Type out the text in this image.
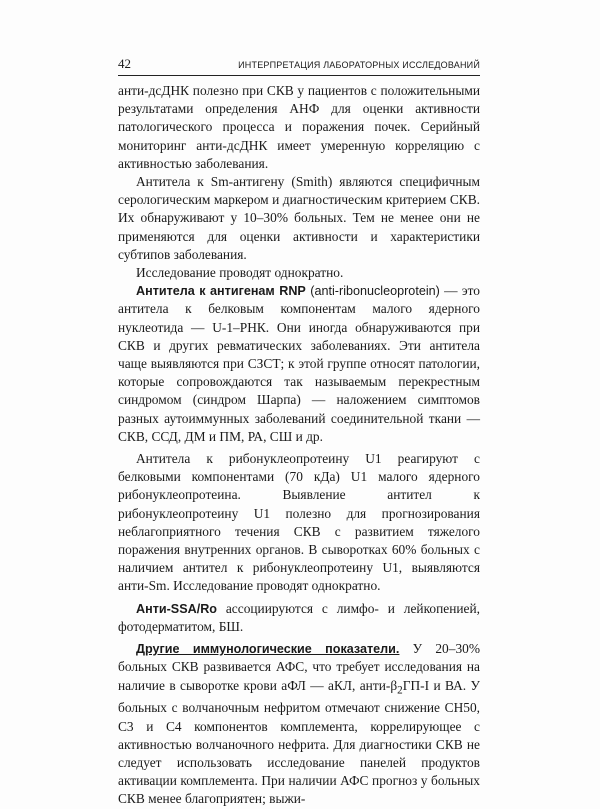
42	ИНТЕРПРЕТАЦИЯ ЛАБОРАТОРНЫХ ИССЛЕДОВАНИЙ

анти-дсДНК полезно при СКВ у пациентов с положительными результатами определения АНФ для оценки активности патологического процесса и поражения почек. Серийный мониторинг анти-дсДНК имеет умеренную корреляцию с активностью заболевания.

Антитела к Sm-антигену (Smith) являются специфичным серологическим маркером и диагностическим критерием СКВ. Их обнаруживают у 10–30% больных. Тем не менее они не применяются для оценки активности и характеристики субтипов заболевания.

Исследование проводят однократно.

Антитела к антигенам RNP (anti-ribonucleoprotein) — это антитела к белковым компонентам малого ядерного нуклеотида — U-1–РНК. Они иногда обнаруживаются при СКВ и других ревматических заболеваниях. Эти антитела чаще выявляются при СЗСТ; к этой группе относят патологии, которые сопровождаются так называемым перекрестным синдромом (синдром Шарпа) — наложением симптомов разных аутоиммунных заболеваний соединительной ткани — СКВ, ССД, ДМ и ПМ, РА, СШ и др.

Антитела к рибонуклеопротеину U1 реагируют с белковыми компонентами (70 кДа) U1 малого ядерного рибонуклеопротеина. Выявление антител к рибонуклеопротеину U1 полезно для прогнозирования неблагоприятного течения СКВ с развитием тяжелого поражения внутренних органов. В сыворотках 60% больных с наличием антител к рибонуклеопротеину U1, выявляются анти-Sm. Исследование проводят однократно.

Анти-SSA/Ro ассоциируются с лимфо- и лейкопенией, фотодерматитом, БШ.

Другие иммунологические показатели. У 20–30% больных СКВ развивается АФС, что требует исследования на наличие в сыворотке крови аФЛ — аКЛ, анти-$\beta_2ГП-I$ и ВА. У больных с волчаночным нефритом отмечают снижение СН50, С3 и С4 компонентов комплемента, коррелирующее с активностью волчаночного нефрита. Для диагностики СКВ не следует использовать исследование панелей продуктов активации комплемента. При наличии АФС прогноз у больных СКВ менее благоприятен; выжи-
